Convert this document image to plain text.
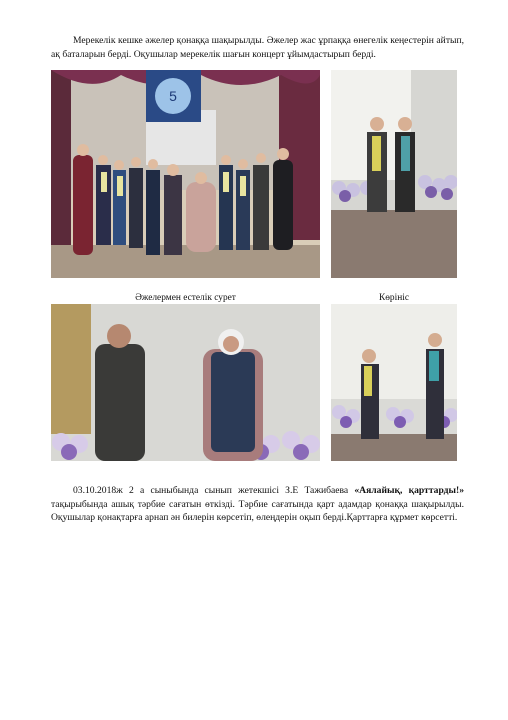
Мерекелік кешке әжелер қонаққа шақырылды. Әжелер жас ұрпаққа өнегелік кеңестерін айтып, ақ баталарын берді. Оқушылар мерекелік шағын концерт ұйымдастырып берді.

5
Әжелермен естелік сурет	Көрініс

03.10.2018ж 2 а сыныбында сынып жетекшісі З.Е Тажибаева «Аялайық, қарттарды!» тақырыбында ашық тәрбие сағатын өткізді. Тәрбие сағатында қарт адамдар қонаққа шақырылды. Оқушылар қонақтарға арнап ән билерін көрсетіп, өлеңдерін оқып берді.Қарттарға құрмет көрсетті.
